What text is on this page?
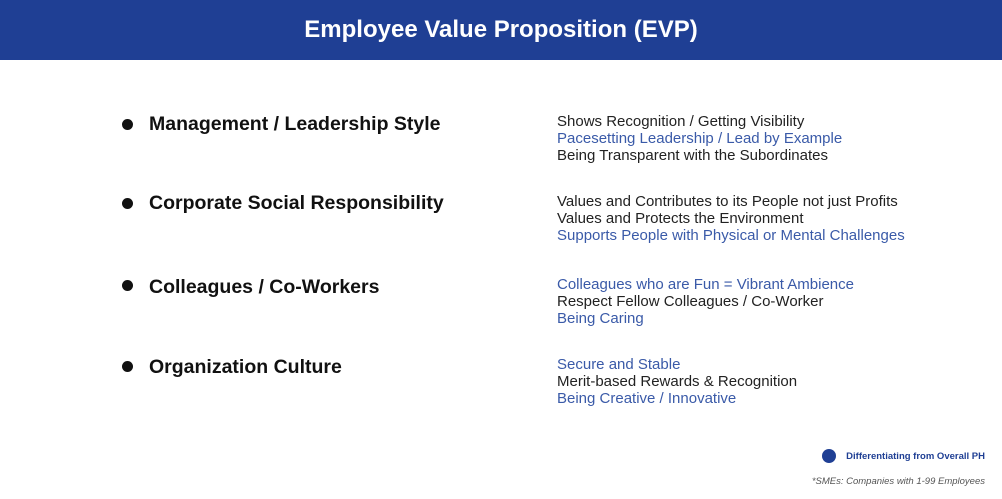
Employee Value Proposition (EVP)
Management / Leadership Style	Shows Recognition / Getting Visibility
Pacesetting Leadership / Lead by Example
Being Transparent with the Subordinates
Corporate Social Responsibility	Values and Contributes to its People not just Profits
Values and Protects the Environment
Supports People with Physical or Mental Challenges
Colleagues / Co-Workers	Colleagues who are Fun = Vibrant Ambience
Respect Fellow Colleagues / Co-Worker
Being Caring
Organization Culture	Secure and Stable
Merit-based Rewards & Recognition
Being Creative / Innovative
Differentiating from Overall PH
*SMEs: Companies with 1-99 Employees
